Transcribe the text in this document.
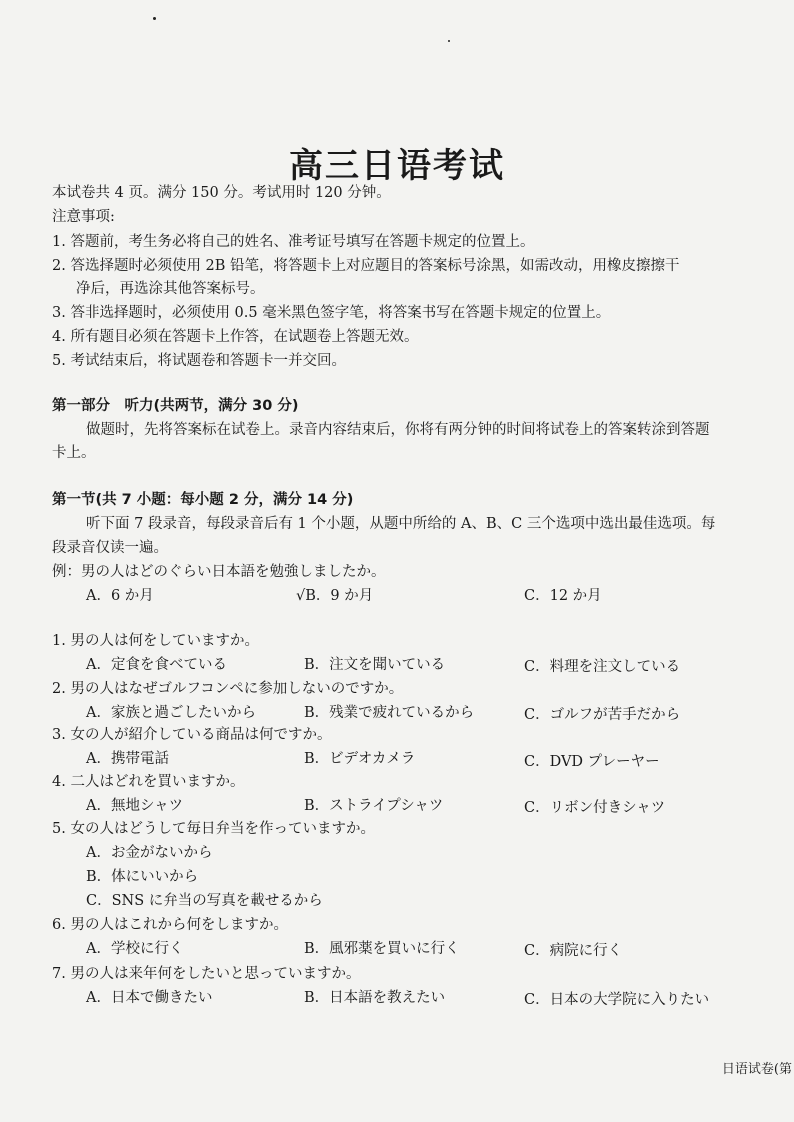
高三日语考试
本试卷共 4 页。满分 150 分。考试用时 120 分钟。
注意事项:
1. 答题前，考生务必将自己的姓名、准考证号填写在答题卡规定的位置上。
2. 答选择题时必须使用 2B 铅笔，将答题卡上对应题目的答案标号涂黑，如需改动，用橡皮擦擦干
净后，再选涂其他答案标号。
3. 答非选择题时，必须使用 0.5 毫米黑色签字笔，将答案书写在答题卡规定的位置上。
4. 所有题目必须在答题卡上作答，在试题卷上答题无效。
5. 考试结束后，将试题卷和答题卡一并交回。
第一部分　听力(共两节，满分 30 分)
做题时，先将答案标在试卷上。录音内容结束后，你将有两分钟的时间将试卷上的答案转涂到答题
卡上。
第一节(共 7 小题：每小题 2 分，满分 14 分)
听下面 7 段录音，每段录音后有 1 个小题，从题中所给的 A、B、C 三个选项中选出最佳选项。每
段录音仅读一遍。
例：男の人はどのぐらい日本語を勉強しましたか。
A．6 か月	√B．9 か月	C．12 か月
1. 男の人は何をしていますか。
A．定食を食べている	B．注文を聞いている	C．料理を注文している
2. 男の人はなぜゴルフコンペに参加しないのですか。
A．家族と過ごしたいから	B．残業で疲れているから	C．ゴルフが苦手だから
3. 女の人が紹介している商品は何ですか。
A．携帯電話	B．ビデオカメラ	C．DVD プレーヤー
4. 二人はどれを買いますか。
A．無地シャツ	B．ストライプシャツ	C．リボン付きシャツ
5. 女の人はどうして毎日弁当を作っていますか。
A．お金がないから
B．体にいいから
C．SNS に弁当の写真を載せるから
6. 男の人はこれから何をしますか。
A．学校に行く	B．風邪薬を買いに行く	C．病院に行く
7. 男の人は来年何をしたいと思っていますか。
A．日本で働きたい	B．日本語を教えたい	C．日本の大学院に入りたい
日语试卷(第
